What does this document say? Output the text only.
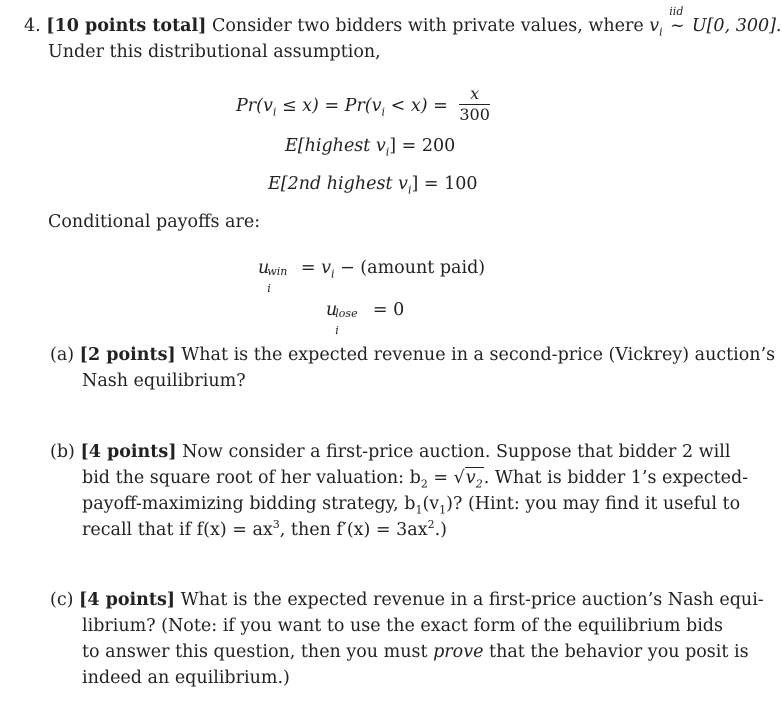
4. [10 points total] Consider two bidders with private values, where $v_i$
iid
~ U[0, 300].
Under this distributional assumption,
$Pr(v_i \le x) = Pr(v_i < x) = \frac{x}{300}$
E[highest $v_i] = 200$
E[2nd highest $v_i] = 100$
Conditional payoffs are:
u
win
i
= $v_i$ − (amount paid)
u
lose
i
= 0
(a) [2 points] What is the expected revenue in a second-price (Vickrey) auction’s
Nash equilibrium?
(b) [4 points] Now consider a first-price auction. Suppose that bidder 2 will
bid the square root of her valuation: $b_2 = √v_2$. What is bidder 1’s expected-
payoff-maximizing bidding strategy, $b_1(v_1)$? (Hint: you may find it useful to
recall that if $f(x) = ax^3$, then $f'(x) = 3ax^2$.)
(c) [4 points] What is the expected revenue in a first-price auction’s Nash equi-
librium? (Note: if you want to use the exact form of the equilibrium bids
to answer this question, then you must prove that the behavior you posit is
indeed an equilibrium.)
